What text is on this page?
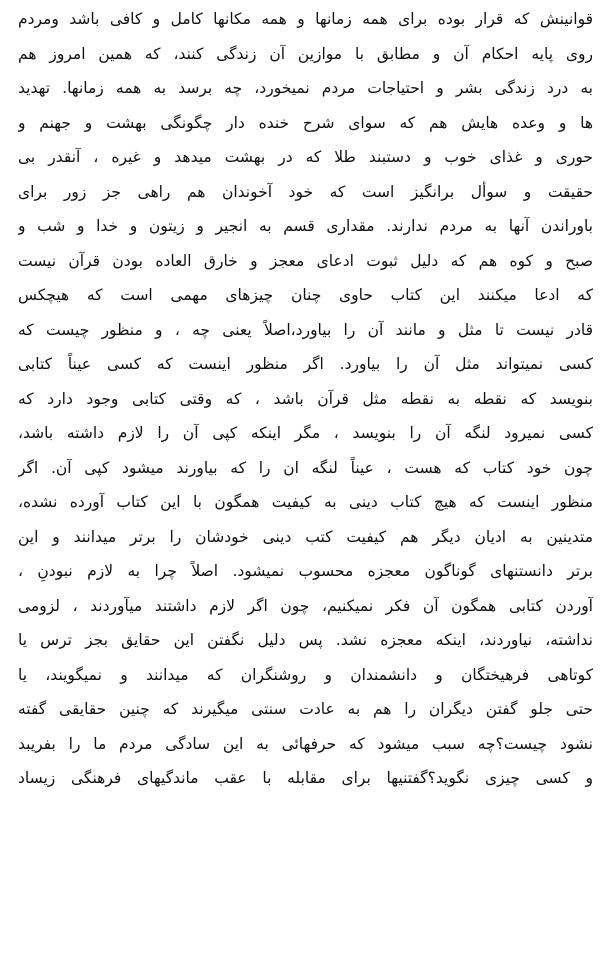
قوانینش که قرار بوده برای همه زمانها و همه مکانها کامل و کافی باشد ومردم
روی پایه احکام آن و مطابق با موازین آن زندگی کنند، که همین امروز هم
به درد زندگی بشر و احتیاجات مردم نمیخورد، چه برسد به همه زمانها. تهدید
ها و وعده هایش هم که سوای شرح خنده دار چگونگی بهشت و جهنم و
حوری و غذای خوب و دستبند طلا که در بهشت میدهد و غیره ، آنقدر بی
حقیقت و سوأل برانگیز است که خود آخوندان هم راهی جز زور برای
باوراندن آنها به مردم ندارند. مقداری قسم به انجیر و زیتون و خدا و شب و
صبح و کوه هم که دلیل ثبوت ادعای معجز و خارق العاده بودن قرآن نیست
که ادعا میکنند این کتاب حاوی چنان چیزهای مهمی است که هیچکس
قادر نیست تا مثل و مانند آن را بیاورد،اصلاً یعنی چه ، و منظور چیست که
کسی نمیتواند مثل آن را بیاورد. اگر منظور اینست که کسی عیناً کتابی
بنویسد که نقطه به نقطه مثل قرآن باشد ، که وقتی کتابی وجود دارد که
کسی نمیرود لنگه آن را بنویسد ، مگر اینکه کپی آن را لازم داشته باشد،
چون خود کتاب که هست ، عیناً لنگه ان را که بیاورند میشود کپی آن. اگر
منظور اینست که هیچ کتاب دینی به کیفیت همگون با این کتاب آورده نشده،
متدینین به ادیان دیگر هم کیفیت کتب دینی خودشان را برتر میدانند و این
برتر دانستنهای گوناگون معجزه محسوب نمیشود. اصلاً چرا به لازم نبودنِ ،
آوردن کتابی همگون آن فکر نمیکنیم، چون اگر لازم داشتند میآوردند ، لزومی
نداشته، نیاوردند، اینکه معجزه نشد. پس دلیل نگفتن این حقایق بجز ترس یا
کوتاهی فرهیختگان و دانشمندان و روشنگران که میدانند و نمیگویند، یا
حتی جلو گفتن دیگران را هم به عادت سنتی میگیرند که چنین حقایقی گفته
نشود چیست؟چه سبب میشود که حرفهائی به این سادگی مردم ما را بفریبد
و کسی چیزی نگوید؟گفتنیها برای مقابله با عقب ماندگیهای فرهنگی زیساد
